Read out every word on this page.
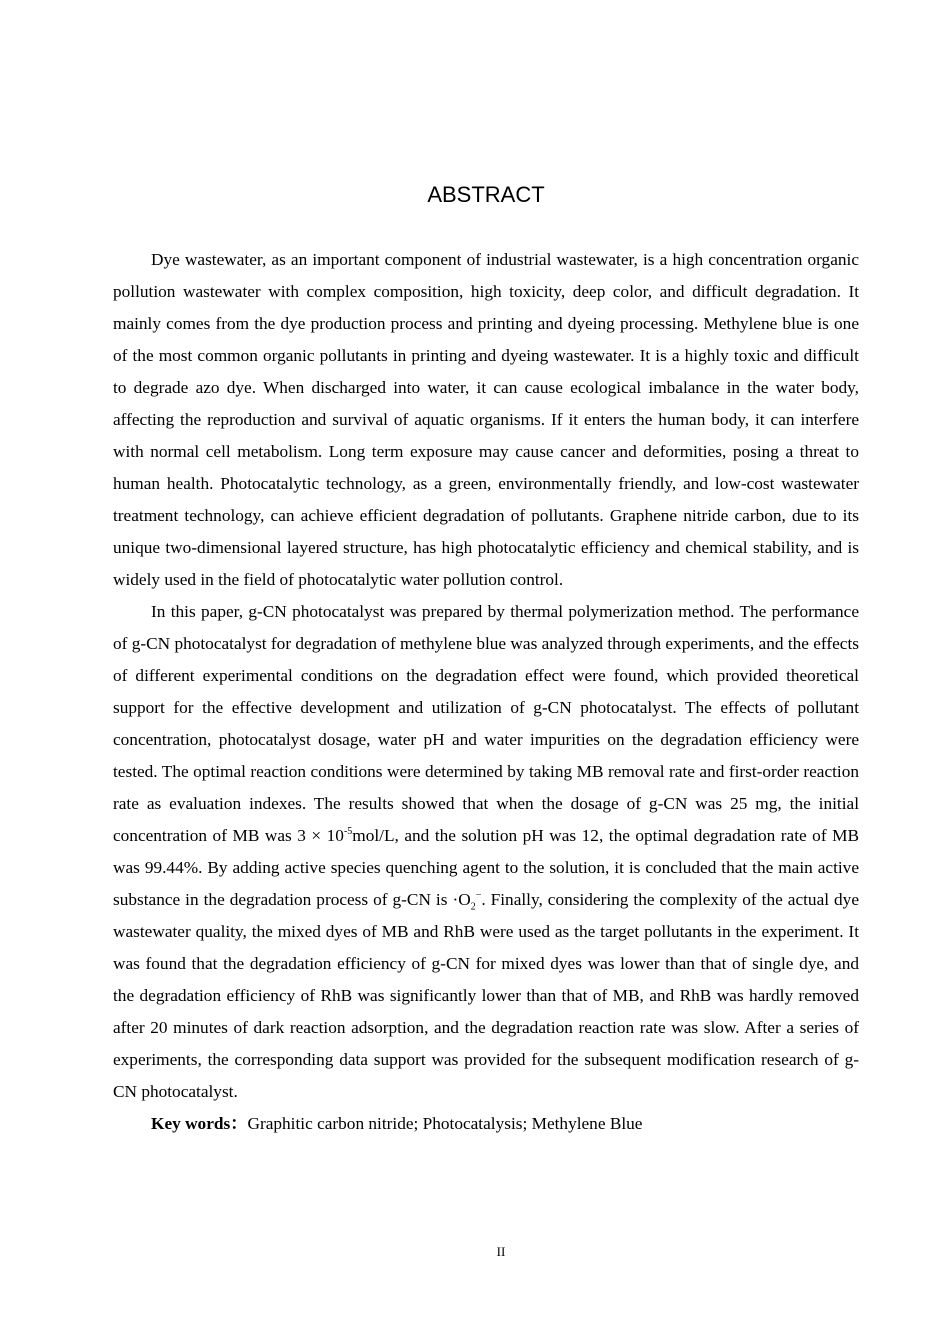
ABSTRACT

Dye wastewater, as an important component of industrial wastewater, is a high concentration organic pollution wastewater with complex composition, high toxicity, deep color, and difficult degradation. It mainly comes from the dye production process and printing and dyeing processing. Methylene blue is one of the most common organic pollutants in printing and dyeing wastewater. It is a highly toxic and difficult to degrade azo dye. When discharged into water, it can cause ecological imbalance in the water body, affecting the reproduction and survival of aquatic organisms. If it enters the human body, it can interfere with normal cell metabolism. Long term exposure may cause cancer and deformities, posing a threat to human health. Photocatalytic technology, as a green, environmentally friendly, and low-cost wastewater treatment technology, can achieve efficient degradation of pollutants. Graphene nitride carbon, due to its unique two-dimensional layered structure, has high photocatalytic efficiency and chemical stability, and is widely used in the field of photocatalytic water pollution control.

In this paper, g-CN photocatalyst was prepared by thermal polymerization method. The performance of g-CN photocatalyst for degradation of methylene blue was analyzed through experiments, and the effects of different experimental conditions on the degradation effect were found, which provided theoretical support for the effective development and utilization of g-CN photocatalyst. The effects of pollutant concentration, photocatalyst dosage, water pH and water impurities on the degradation efficiency were tested. The optimal reaction conditions were determined by taking MB removal rate and first-order reaction rate as evaluation indexes. The results showed that when the dosage of g-CN was 25 mg, the initial concentration of MB was $3 \times 10^{-5}mol/L$, and the solution pH was 12, the optimal degradation rate of MB was 99.44%. By adding active species quenching agent to the solution, it is concluded that the main active substance in the degradation process of g-CN is $\cdot O_2^-$. Finally, considering the complexity of the actual dye wastewater quality, the mixed dyes of MB and RhB were used as the target pollutants in the experiment. It was found that the degradation efficiency of g-CN for mixed dyes was lower than that of single dye, and the degradation efficiency of RhB was significantly lower than that of MB, and RhB was hardly removed after 20 minutes of dark reaction adsorption, and the degradation reaction rate was slow. After a series of experiments, the corresponding data support was provided for the subsequent modification research of g-CN photocatalyst.

Key words：Graphitic carbon nitride; Photocatalysis; Methylene Blue

II
